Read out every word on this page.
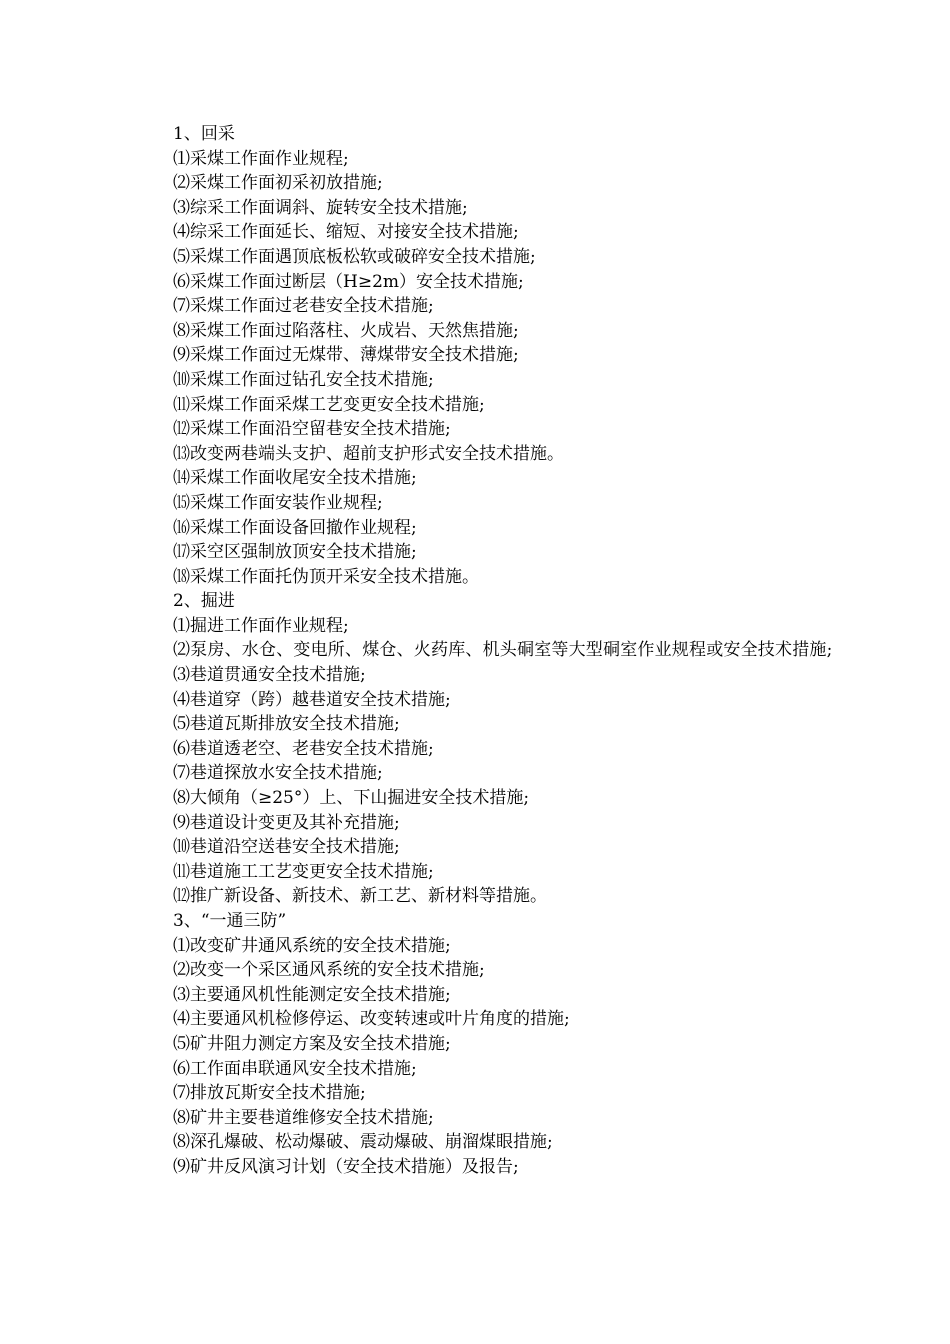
1、回采
⑴采煤工作面作业规程;
⑵采煤工作面初采初放措施;
⑶综采工作面调斜、旋转安全技术措施;
⑷综采工作面延长、缩短、对接安全技术措施;
⑸采煤工作面遇顶底板松软或破碎安全技术措施;
⑹采煤工作面过断层（H≥2m）安全技术措施;
⑺采煤工作面过老巷安全技术措施;
⑻采煤工作面过陷落柱、火成岩、天然焦措施;
⑼采煤工作面过无煤带、薄煤带安全技术措施;
⑽采煤工作面过钻孔安全技术措施;
⑾采煤工作面采煤工艺变更安全技术措施;
⑿采煤工作面沿空留巷安全技术措施;
⒀改变两巷端头支护、超前支护形式安全技术措施。
⒁采煤工作面收尾安全技术措施;
⒂采煤工作面安装作业规程;
⒃采煤工作面设备回撤作业规程;
⒄采空区强制放顶安全技术措施;
⒅采煤工作面托伪顶开采安全技术措施。
2、掘进
⑴掘进工作面作业规程;
⑵泵房、水仓、变电所、煤仓、火药库、机头硐室等大型硐室作业规程或安全技术措施;
⑶巷道贯通安全技术措施;
⑷巷道穿（跨）越巷道安全技术措施;
⑸巷道瓦斯排放安全技术措施;
⑹巷道透老空、老巷安全技术措施;
⑺巷道探放水安全技术措施;
⑻大倾角（≥25°）上、下山掘进安全技术措施;
⑼巷道设计变更及其补充措施;
⑽巷道沿空送巷安全技术措施;
⑾巷道施工工艺变更安全技术措施;
⑿推广新设备、新技术、新工艺、新材料等措施。
3、“一通三防”
⑴改变矿井通风系统的安全技术措施;
⑵改变一个采区通风系统的安全技术措施;
⑶主要通风机性能测定安全技术措施;
⑷主要通风机检修停运、改变转速或叶片角度的措施;
⑸矿井阻力测定方案及安全技术措施;
⑹工作面串联通风安全技术措施;
⑺排放瓦斯安全技术措施;
⑻矿井主要巷道维修安全技术措施;
⑻深孔爆破、松动爆破、震动爆破、崩溜煤眼措施;
⑼矿井反风演习计划（安全技术措施）及报告;
